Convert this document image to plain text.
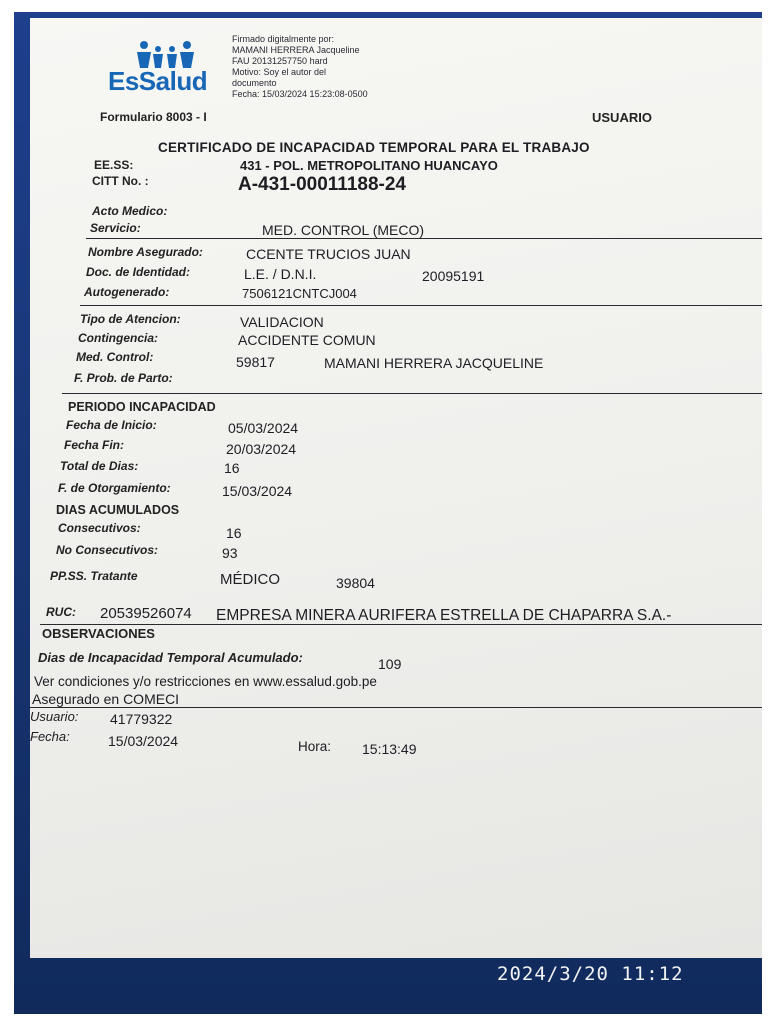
EsSalud
Firmado digitalmente por:
MAMANI HERRERA Jacqueline
FAU 20131257750 hard
Motivo: Soy el autor del
documento
Fecha: 15/03/2024 15:23:08-0500
Formulario 8003 - I	USUARIO
CERTIFICADO DE INCAPACIDAD TEMPORAL PARA EL TRABAJO
EE.SS:	431 - POL. METROPOLITANO HUANCAYO
CITT No. :	A-431-00011188-24
Acto Medico:
Servicio:	MED. CONTROL (MECO)
Nombre Asegurado:	CCENTE TRUCIOS JUAN
Doc. de Identidad:	L.E. / D.N.I.	20095191
Autogenerado:	7506121CNTCJ004
Tipo de Atencion:	VALIDACION
Contingencia:	ACCIDENTE COMUN
Med. Control:	59817	MAMANI HERRERA JACQUELINE
F. Prob. de Parto:
PERIODO INCAPACIDAD
Fecha de Inicio:	05/03/2024
Fecha Fin:	20/03/2024
Total de Dias:	16
F. de Otorgamiento:	15/03/2024
DIAS ACUMULADOS
Consecutivos:	16
No Consecutivos:	93
PP.SS. Tratante	MÉDICO	39804
RUC: 20539526074 EMPRESA MINERA AURIFERA ESTRELLA DE CHAPARRA S.A.-
OBSERVACIONES
Dias de Incapacidad Temporal Acumulado:	109
Ver condiciones y/o restricciones en www.essalud.gob.pe
Asegurado en COMECI
Usuario: 41779322
Fecha:	15/03/2024	Hora: 15:13:49
2024/3/20 11:12
